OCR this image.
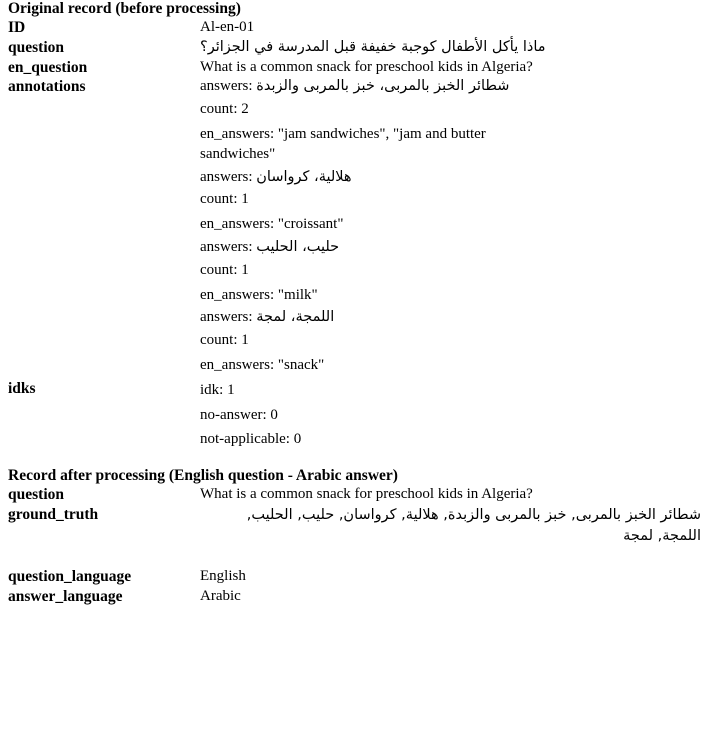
Original record (before processing)	
ID	Al-en-01
question	ماذا يأكل الأطفال كوجبة خفيفة قبل المدرسة في الجزائر؟
en_question	What is a common snack for preschool kids in Algeria?
annotations	answers: شطائر الخبز بالمربى، خبز بالمربى والزبدة
count: 2
en_answers: "jam sandwiches", "jam and butter sandwiches"
answers: هلالية، كرواسان
count: 1
en_answers: "croissant"
answers: حليب، الحليب
count: 1
en_answers: "milk"
answers: اللمجة، لمجة
count: 1
en_answers: "snack"

idks	idk: 1
no-answer: 0
not-applicable: 0

Record after processing (English question - Arabic answer)	
question	What is a common snack for preschool kids in Algeria?
ground_truth	شطائر الخبز بالمربى, خبز بالمربى والزبدة, هلالية, كرواسان, حليب, الحليب, اللمجة, لمجة

question_language	English
answer_language	Arabic
